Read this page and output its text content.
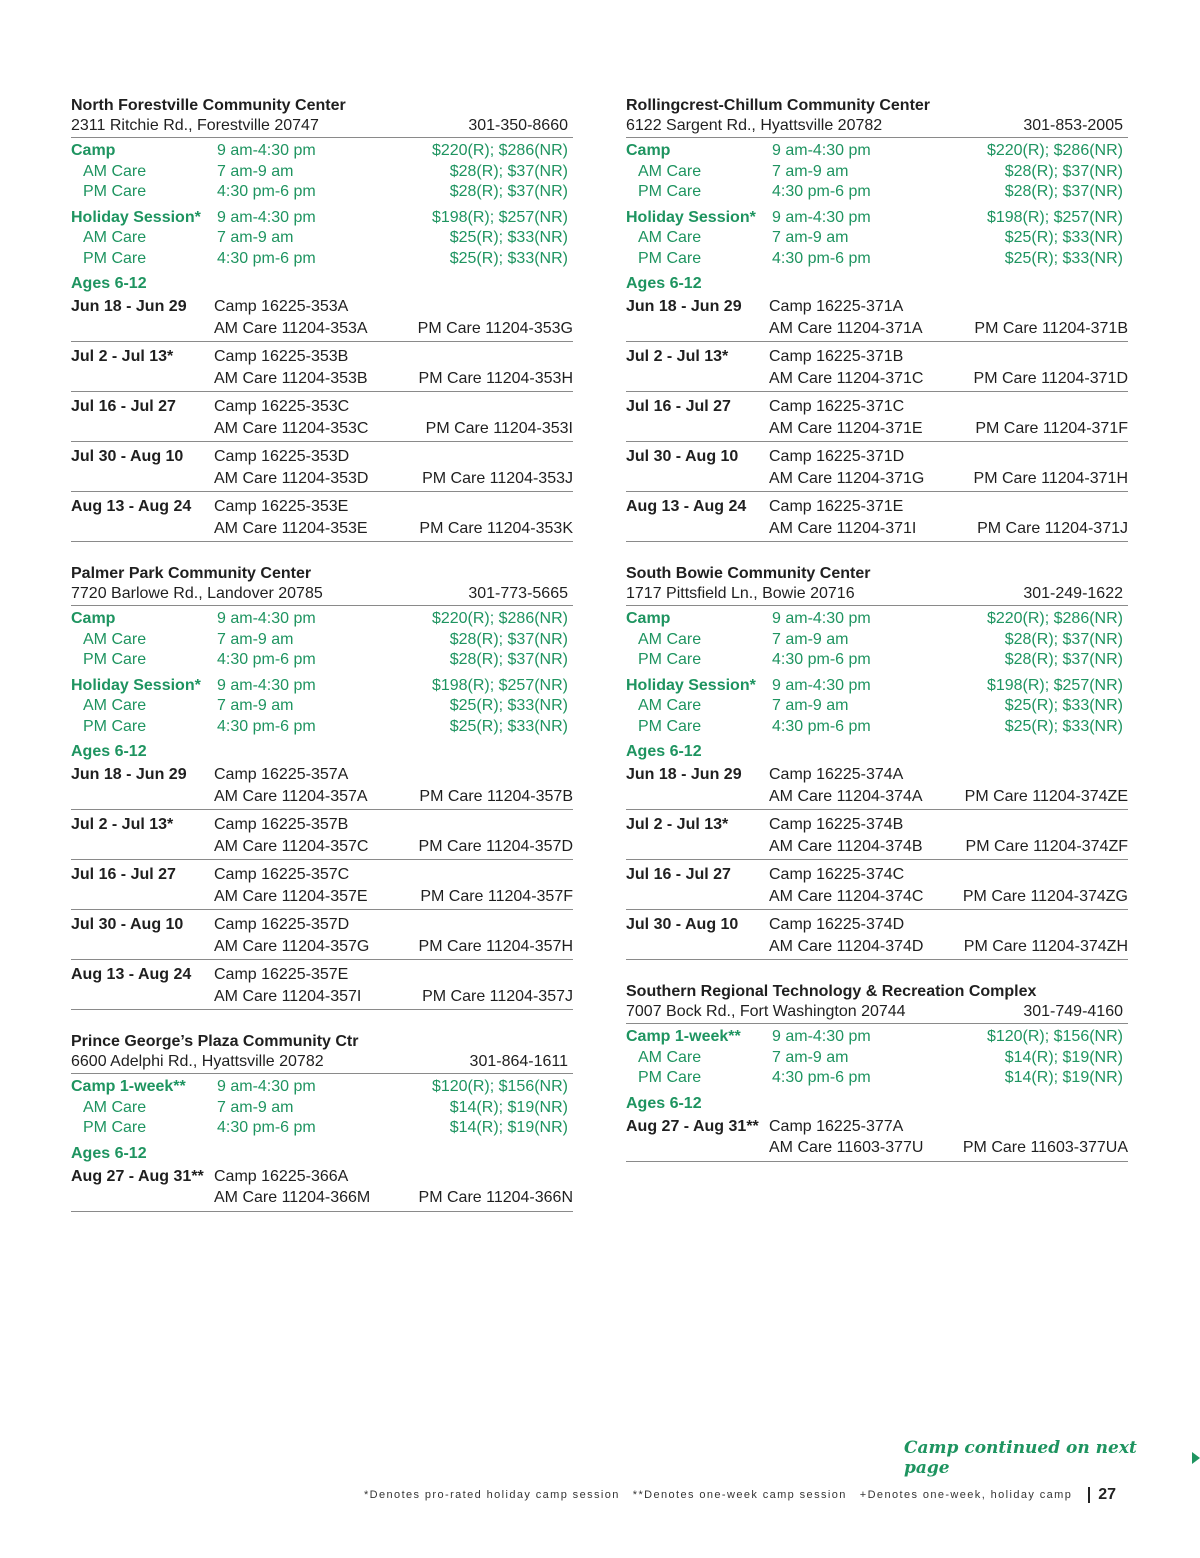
North Forestville Community Center
2311 Ritchie Rd., Forestville 20747	301-350-8660
Camp	9 am-4:30 pm	$220(R); $286(NR)
AM Care	7 am-9 am	$28(R); $37(NR)
PM Care	4:30 pm-6 pm	$28(R); $37(NR)
Holiday Session*	9 am-4:30 pm	$198(R); $257(NR)
AM Care	7 am-9 am	$25(R); $33(NR)
PM Care	4:30 pm-6 pm	$25(R); $33(NR)
Ages 6-12
Jun 18 - Jun 29	Camp 16225-353A
AM Care 11204-353A	PM Care 11204-353G
Jul 2 - Jul 13*	Camp 16225-353B
AM Care 11204-353B	PM Care 11204-353H
Jul 16 - Jul 27	Camp 16225-353C
AM Care 11204-353C	PM Care 11204-353I
Jul 30 - Aug 10	Camp 16225-353D
AM Care 11204-353D	PM Care 11204-353J
Aug 13 - Aug 24	Camp 16225-353E
AM Care 11204-353E	PM Care 11204-353K
Palmer Park Community Center
7720 Barlowe Rd., Landover 20785	301-773-5665
Camp	9 am-4:30 pm	$220(R); $286(NR)
AM Care	7 am-9 am	$28(R); $37(NR)
PM Care	4:30 pm-6 pm	$28(R); $37(NR)
Holiday Session*	9 am-4:30 pm	$198(R); $257(NR)
AM Care	7 am-9 am	$25(R); $33(NR)
PM Care	4:30 pm-6 pm	$25(R); $33(NR)
Ages 6-12
Jun 18 - Jun 29	Camp 16225-357A
AM Care 11204-357A	PM Care 11204-357B
Jul 2 - Jul 13*	Camp 16225-357B
AM Care 11204-357C	PM Care 11204-357D
Jul 16 - Jul 27	Camp 16225-357C
AM Care 11204-357E	PM Care 11204-357F
Jul 30 - Aug 10	Camp 16225-357D
AM Care 11204-357G	PM Care 11204-357H
Aug 13 - Aug 24	Camp 16225-357E
AM Care 11204-357I	PM Care 11204-357J
Prince George’s Plaza Community Ctr
6600 Adelphi Rd., Hyattsville 20782	301-864-1611
Camp 1-week**	9 am-4:30 pm	$120(R); $156(NR)
AM Care	7 am-9 am	$14(R); $19(NR)
PM Care	4:30 pm-6 pm	$14(R); $19(NR)
Ages 6-12
Aug 27 - Aug 31** Camp 16225-366A
AM Care 11204-366M	PM Care 11204-366N
Rollingcrest-Chillum Community Center
6122 Sargent Rd., Hyattsville 20782	301-853-2005
Camp	9 am-4:30 pm	$220(R); $286(NR)
AM Care	7 am-9 am	$28(R); $37(NR)
PM Care	4:30 pm-6 pm	$28(R); $37(NR)
Holiday Session*	9 am-4:30 pm	$198(R); $257(NR)
AM Care	7 am-9 am	$25(R); $33(NR)
PM Care	4:30 pm-6 pm	$25(R); $33(NR)
Ages 6-12
Jun 18 - Jun 29	Camp 16225-371A
AM Care 11204-371A	PM Care 11204-371B
Jul 2 - Jul 13*	Camp 16225-371B
AM Care 11204-371C	PM Care 11204-371D
Jul 16 - Jul 27	Camp 16225-371C
AM Care 11204-371E	PM Care 11204-371F
Jul 30 - Aug 10	Camp 16225-371D
AM Care 11204-371G	PM Care 11204-371H
Aug 13 - Aug 24	Camp 16225-371E
AM Care 11204-371I	PM Care 11204-371J
South Bowie Community Center
1717 Pittsfield Ln., Bowie 20716	301-249-1622
Camp	9 am-4:30 pm	$220(R); $286(NR)
AM Care	7 am-9 am	$28(R); $37(NR)
PM Care	4:30 pm-6 pm	$28(R); $37(NR)
Holiday Session*	9 am-4:30 pm	$198(R); $257(NR)
AM Care	7 am-9 am	$25(R); $33(NR)
PM Care	4:30 pm-6 pm	$25(R); $33(NR)
Ages 6-12
Jun 18 - Jun 29	Camp 16225-374A
AM Care 11204-374A	PM Care 11204-374ZE
Jul 2 - Jul 13*	Camp 16225-374B
AM Care 11204-374B	PM Care 11204-374ZF
Jul 16 - Jul 27	Camp 16225-374C
AM Care 11204-374C	PM Care 11204-374ZG
Jul 30 - Aug 10	Camp 16225-374D
AM Care 11204-374D	PM Care 11204-374ZH
Southern Regional Technology & Recreation Complex
7007 Bock Rd., Fort Washington 20744	301-749-4160
Camp 1-week**	9 am-4:30 pm	$120(R); $156(NR)
AM Care	7 am-9 am	$14(R); $19(NR)
PM Care	4:30 pm-6 pm	$14(R); $19(NR)
Ages 6-12
Aug 27 - Aug 31** Camp 16225-377A
AM Care 11603-377U	PM Care 11603-377UA
Camp continued on next page
*Denotes pro-rated holiday camp session **Denotes one-week camp session +Denotes one-week, holiday camp 27
